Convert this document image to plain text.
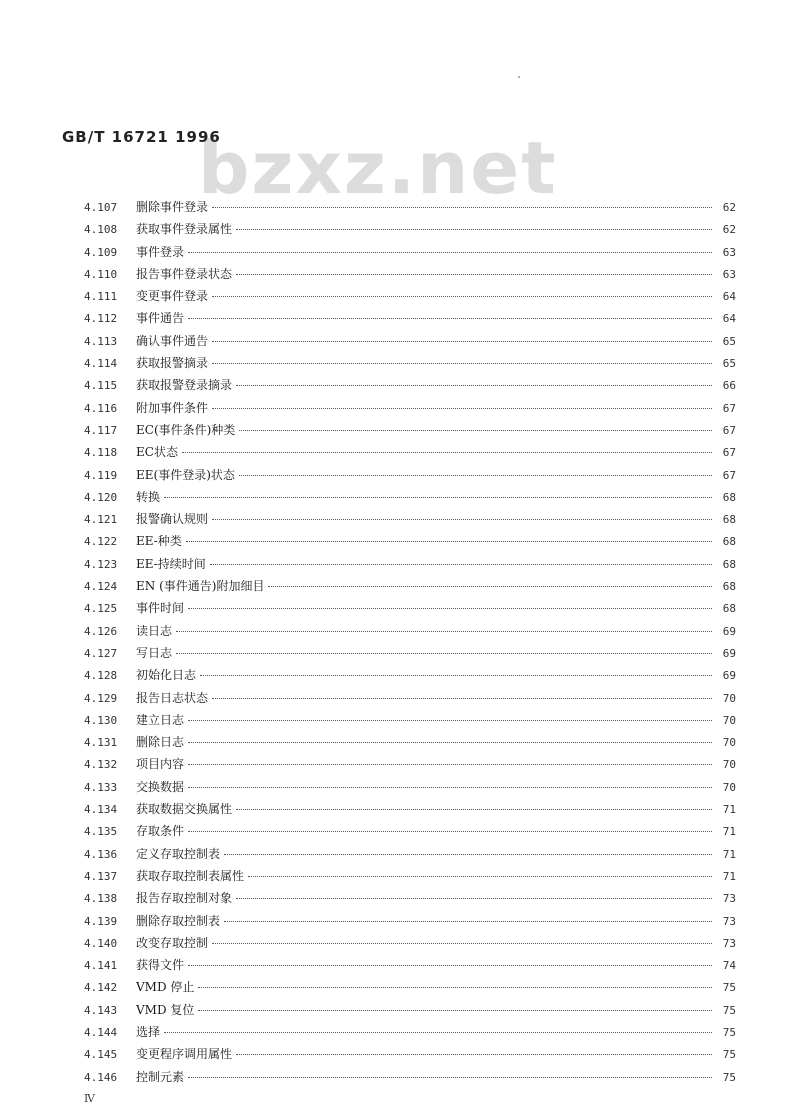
bzxz.net
GB/T 16721 1996
4.107	删除事件登录	62
4.108	获取事件登录属性	62
4.109	事件登录	63
4.110	报告事件登录状态	63
4.111	变更事件登录	64
4.112	事件通告	64
4.113	确认事件通告	65
4.114	获取报警摘录	65
4.115	获取报警登录摘录	66
4.116	附加事件条件	67
4.117	EC(事件条件)种类	67
4.118	EC状态	67
4.119	EE(事件登录)状态	67
4.120	转换	68
4.121	报警确认规则	68
4.122	EE-种类	68
4.123	EE-持续时间	68
4.124	EN (事件通告)附加细目	68
4.125	事件时间	68
4.126	读日志	69
4.127	写日志	69
4.128	初始化日志	69
4.129	报告日志状态	70
4.130	建立日志	70
4.131	删除日志	70
4.132	项目内容	70
4.133	交换数据	70
4.134	获取数据交换属性	71
4.135	存取条件	71
4.136	定义存取控制表	71
4.137	获取存取控制表属性	71
4.138	报告存取控制对象	73
4.139	删除存取控制表	73
4.140	改变存取控制	73
4.141	获得文件	74
4.142	VMD 停止	75
4.143	VMD 复位	75
4.144	选择	75
4.145	变更程序调用属性	75
4.146	控制元素	75
Ⅳ
